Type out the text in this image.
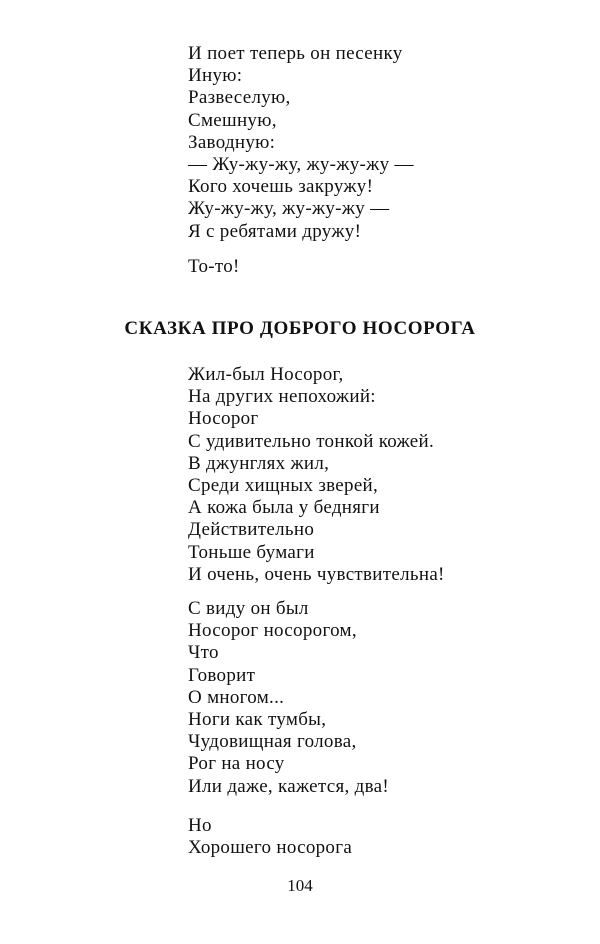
И поет теперь он песенку
Иную:
Развеселую,
Смешную,
Заводную:
— Жу-жу-жу, жу-жу-жу —
Кого хочешь закружу!
Жу-жу-жу, жу-жу-жу —
Я с ребятами дружу!
То-то!
СКАЗКА ПРО ДОБРОГО НОСОРОГА
Жил-был Носорог,
На других непохожий:
Носорог
С удивительно тонкой кожей.
В джунглях жил,
Среди хищных зверей,
А кожа была у бедняги
Действительно
Тоньше бумаги
И очень, очень чувствительна!
С виду он был
Носорог носорогом,
Что
Говорит
О многом...
Ноги как тумбы,
Чудовищная голова,
Рог на носу
Или даже, кажется, два!
Но
Хорошего носорога
104
